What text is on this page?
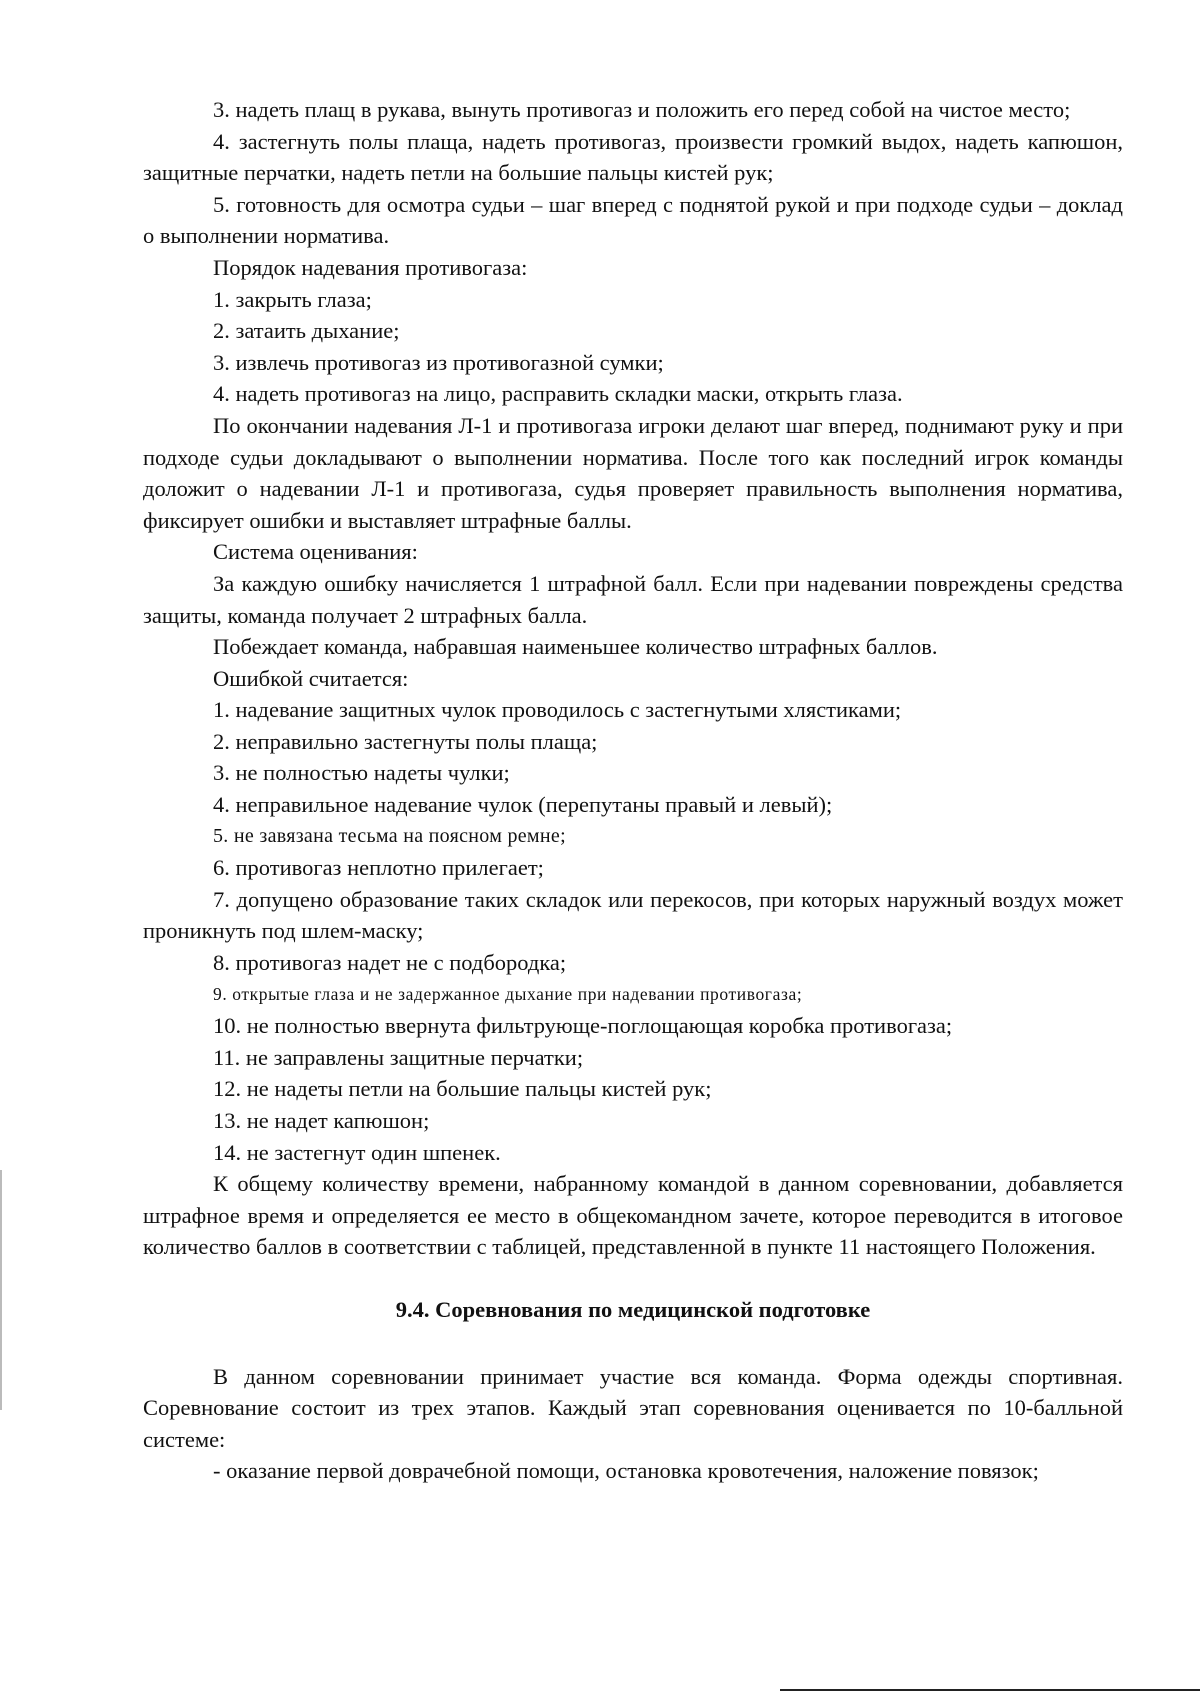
3. надеть плащ в рукава, вынуть противогаз и положить его перед собой на чистое место;

4. застегнуть полы плаща, надеть противогаз, произвести громкий выдох, надеть капюшон, защитные перчатки, надеть петли на большие пальцы кистей рук;

5. готовность для осмотра судьи – шаг вперед с поднятой рукой и при подходе судьи – доклад о выполнении норматива.

Порядок надевания противогаза:

1. закрыть глаза;

2. затаить дыхание;

3. извлечь противогаз из противогазной сумки;

4. надеть противогаз на лицо, расправить складки маски, открыть глаза.

По окончании надевания Л-1 и противогаза игроки делают шаг вперед, поднимают руку и при подходе судьи докладывают о выполнении норматива. После того как последний игрок команды доложит о надевании Л-1 и противогаза, судья проверяет правильность выполнения норматива, фиксирует ошибки и выставляет штрафные баллы.

Система оценивания:

За каждую ошибку начисляется 1 штрафной балл. Если при надевании повреждены средства защиты, команда получает 2 штрафных балла.

Побеждает команда, набравшая наименьшее количество штрафных баллов.

Ошибкой считается:

1. надевание защитных чулок проводилось с застегнутыми хлястиками;

2. неправильно застегнуты полы плаща;

3. не полностью надеты чулки;

4. неправильное надевание чулок (перепутаны правый и левый);

5. не завязана тесьма на поясном ремне;

6. противогаз неплотно прилегает;

7. допущено образование таких складок или перекосов, при которых наружный воздух может проникнуть под шлем-маску;

8. противогаз надет не с подбородка;

9. открытые глаза и не задержанное дыхание при надевании противогаза;

10. не полностью ввернута фильтрующе-поглощающая коробка противогаза;

11. не заправлены защитные перчатки;

12. не надеты петли на большие пальцы кистей рук;

13. не надет капюшон;

14. не застегнут один шпенек.

К общему количеству времени, набранному командой в данном соревновании, добавляется штрафное время и определяется ее место в общекомандном зачете, которое переводится в итоговое количество баллов в соответствии с таблицей, представленной в пункте 11 настоящего Положения.

9.4. Соревнования по медицинской подготовке

В данном соревновании принимает участие вся команда. Форма одежды спортивная. Соревнование состоит из трех этапов. Каждый этап соревнования оценивается по 10-балльной системе:

- оказание первой доврачебной помощи, остановка кровотечения, наложение повязок;
